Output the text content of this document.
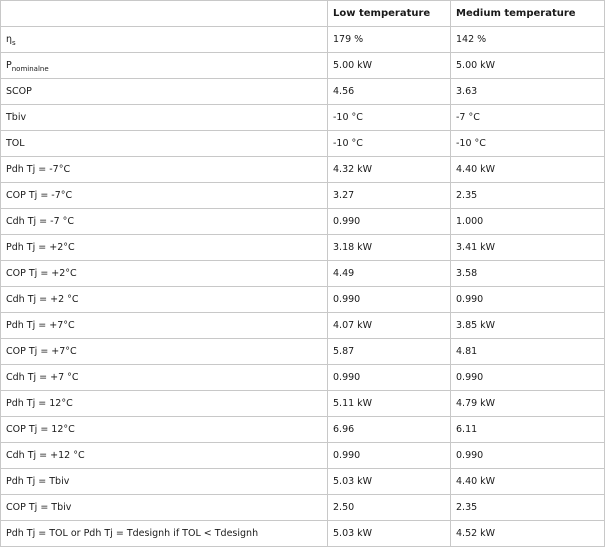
	Low temperature	Medium temperature
$\eta_s$	179 %	142 %
$P_{nominalne}$	5.00 kW	5.00 kW
SCOP	4.56	3.63
Tbiv	-10 °C	-7 °C
TOL	-10 °C	-10 °C
Pdh Tj = -7°C	4.32 kW	4.40 kW
COP Tj = -7°C	3.27	2.35
Cdh Tj = -7 °C	0.990	1.000
Pdh Tj = +2°C	3.18 kW	3.41 kW
COP Tj = +2°C	4.49	3.58
Cdh Tj = +2 °C	0.990	0.990
Pdh Tj = +7°C	4.07 kW	3.85 kW
COP Tj = +7°C	5.87	4.81
Cdh Tj = +7 °C	0.990	0.990
Pdh Tj = 12°C	5.11 kW	4.79 kW
COP Tj = 12°C	6.96	6.11
Cdh Tj = +12 °C	0.990	0.990
Pdh Tj = Tbiv	5.03 kW	4.40 kW
COP Tj = Tbiv	2.50	2.35
Pdh Tj = TOL or Pdh Tj = Tdesignh if TOL < Tdesignh	5.03 kW	4.52 kW
